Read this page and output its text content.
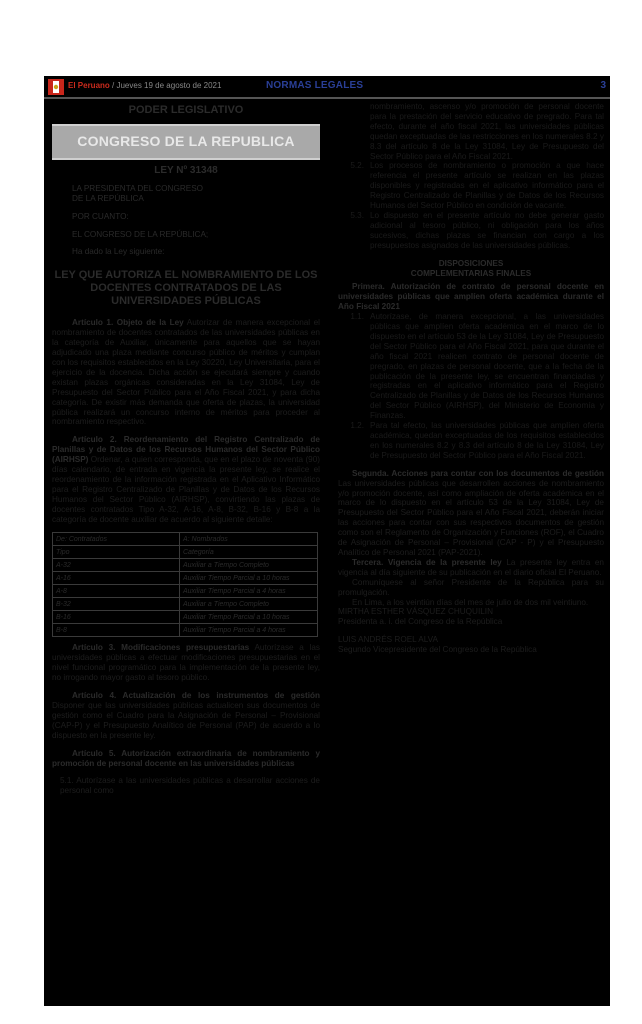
El Peruano / Jueves 19 de agosto de 2021	NORMAS LEGALES	3
PODER LEGISLATIVO
CONGRESO DE LA REPUBLICA
LEY Nº 31348

LA PRESIDENTA DEL CONGRESO DE LA REPÚBLICA

POR CUANTO:

EL CONGRESO DE LA REPÚBLICA;

Ha dado la Ley siguiente:

LEY QUE AUTORIZA EL NOMBRAMIENTO DE LOS DOCENTES CONTRATADOS DE LAS UNIVERSIDADES PÚBLICAS

Artículo 1. Objeto de la Ley Autorizar de manera excepcional el nombramiento de docentes contratados de las universidades públicas en la categoría de Auxiliar, únicamente para aquellos que se hayan adjudicado una plaza mediante concurso público de méritos y cumplan con los requisitos establecidos en la Ley 30220, Ley Universitaria, para el ejercicio de la docencia. Dicha acción se ejecutará siempre y cuando existan plazas orgánicas consideradas en la Ley 31084, Ley de Presupuesto del Sector Público para el Año Fiscal 2021, y para dicha categoría. De existir más demanda que oferta de plazas, la universidad pública realizará un concurso interno de méritos para proceder al nombramiento respectivo.

Artículo 2. Reordenamiento del Registro Centralizado de Planillas y de Datos de los Recursos Humanos del Sector Público (AIRHSP) Ordenar, a quien corresponda, que en el plazo de noventa (90) días calendario, de entrada en vigencia la presente ley, se realice el reordenamiento de la información registrada en el Aplicativo Informático para el Registro Centralizado de Planillas y de Datos de los Recursos Humanos del Sector Público (AIRHSP), convirtiendo las plazas de docentes contratados Tipo A-32, A-16, A-8, B-32, B-16 y B-8 a la categoría de docente auxiliar de acuerdo al siguiente detalle:

De: Contratados	A: Nombrados
Tipo	Categoría
A-32	Auxiliar a Tiempo Completo
A-16	Auxiliar Tiempo Parcial a 10 horas
A-8	Auxiliar Tiempo Parcial a 4 horas
B-32	Auxiliar a Tiempo Completo
B-16	Auxiliar Tiempo Parcial a 10 horas
B-8	Auxiliar Tiempo Parcial a 4 horas

Artículo 3. Modificaciones presupuestarias Autorízase a las universidades públicas a efectuar modificaciones presupuestarias en el nivel funcional programático para la implementación de la presente ley, no irrogando mayor gasto al tesoro público.

Artículo 4. Actualización de los instrumentos de gestión Disponer que las universidades públicas actualicen sus documentos de gestión como el Cuadro para la Asignación de Personal – Provisional (CAP-P) y el Presupuesto Analítico de Personal (PAP) de acuerdo a lo dispuesto en la presente ley.

Artículo 5. Autorización extraordinaria de nombramiento y promoción de personal docente en las universidades públicas

5.1. Autorízase a las universidades públicas a desarrollar acciones de personal como

nombramiento, ascenso y/o promoción de personal docente para la prestación del servicio educativo de pregrado. Para tal efecto, durante el año fiscal 2021, las universidades públicas quedan exceptuadas de las restricciones en los numerales 8.2 y 8.3 del artículo 8 de la Ley 31084, Ley de Presupuesto del Sector Público para el Año Fiscal 2021.

5.2. Los procesos de nombramiento o promoción a que hace referencia el presente artículo se realizan en las plazas disponibles y registradas en el aplicativo informático para el Registro Centralizado de Planillas y de Datos de los Recursos Humanos del Sector Público en condición de vacante.
5.3. Lo dispuesto en el presente artículo no debe generar gasto adicional al tesoro público, ni obligación para los años sucesivos, dichas plazas se financian con cargo a los presupuestos asignados de las universidades públicas.
DISPOSICIONES COMPLEMENTARIAS FINALES

Primera. Autorización de contrato de personal docente en universidades públicas que amplíen oferta académica durante el Año Fiscal 2021

1.1. Autorízase, de manera excepcional, a las universidades públicas que amplíen oferta académica en el marco de lo dispuesto en el artículo 53 de la Ley 31084, Ley de Presupuesto del Sector Público para el Año Fiscal 2021, para que durante el año fiscal 2021 realicen contrato de personal docente de pregrado, en plazas de personal docente, que a la fecha de la publicación de la presente ley, se encuentran financiadas y registradas en el aplicativo informático para el Registro Centralizado de Planillas y de Datos de los Recursos Humanos del Sector Público (AIRHSP), del Ministerio de Economía y Finanzas.
1.2. Para tal efecto, las universidades públicas que amplíen oferta académica, quedan exceptuadas de los requisitos establecidos en los numerales 8.2 y 8.3 del artículo 8 de la Ley 31084, Ley de Presupuesto del Sector Público para el Año Fiscal 2021.

Segunda. Acciones para contar con los documentos de gestión Las universidades públicas que desarrollen acciones de nombramiento y/o promoción docente, así como ampliación de oferta académica en el marco de lo dispuesto en el artículo 53 de la Ley 31084, Ley de Presupuesto del Sector Público para el Año Fiscal 2021, deberán iniciar las acciones para contar con sus respectivos documentos de gestión como son el Reglamento de Organización y Funciones (ROF), el Cuadro de Asignación de Personal – Provisional (CAP - P) y el Presupuesto Analítico de Personal 2021 (PAP-2021).

Tercera. Vigencia de la presente ley La presente ley entra en vigencia al día siguiente de su publicación en el diario oficial El Peruano.

Comuníquese al señor Presidente de la República para su promulgación.

En Lima, a los veintiún días del mes de julio de dos mil veintiuno.

MIRTHA ESTHER VÁSQUEZ CHUQUILIN

Presidenta a. i. del Congreso de la República

LUIS ANDRÉS ROEL ALVA

Segundo Vicepresidente del Congreso de la República
